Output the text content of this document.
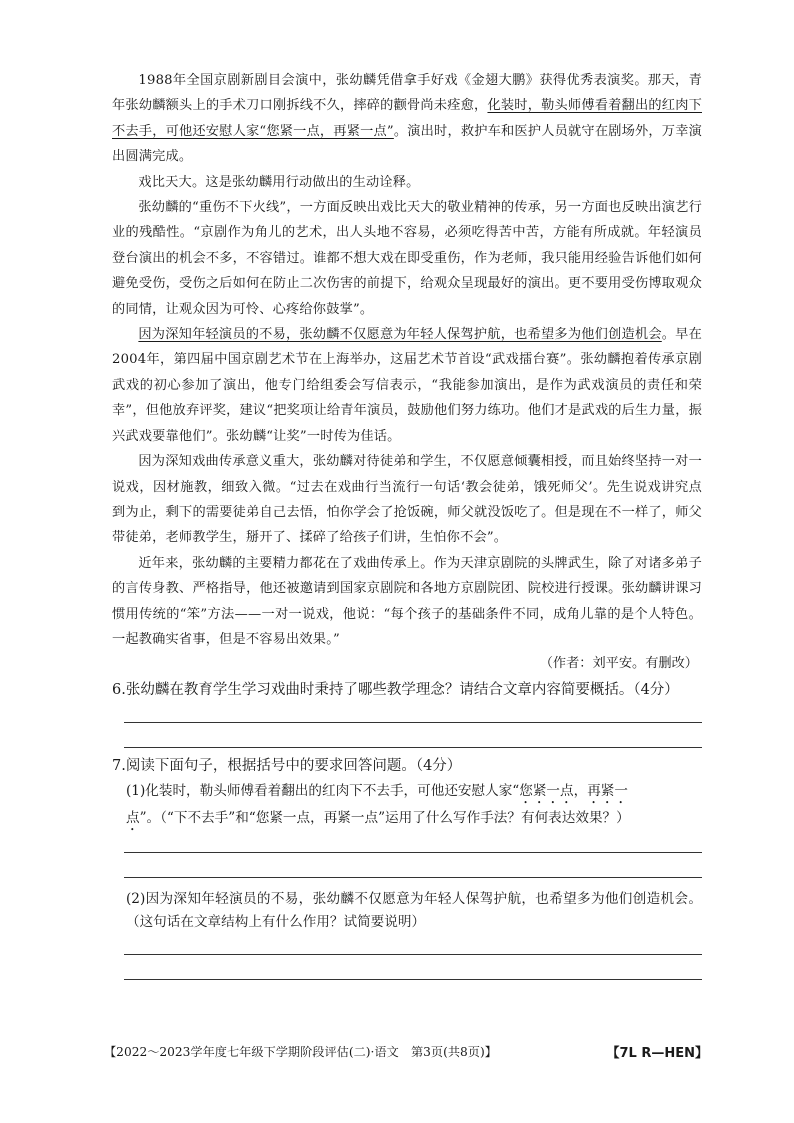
1988年全国京剧新剧目会演中，张幼麟凭借拿手好戏《金翅大鹏》获得优秀表演奖。那天，青年张幼麟额头上的手术刀口刚拆线不久，摔碎的颧骨尚未痊愈，化装时，勒头师傅看着翻出的红肉下不去手，可他还安慰人家“您紧一点，再紧一点”。演出时，救护车和医护人员就守在剧场外，万幸演出圆满完成。

戏比天大。这是张幼麟用行动做出的生动诠释。

张幼麟的“重伤不下火线”，一方面反映出戏比天大的敬业精神的传承，另一方面也反映出演艺行业的残酷性。“京剧作为角儿的艺术，出人头地不容易，必须吃得苦中苦，方能有所成就。年轻演员登台演出的机会不多，不容错过。谁都不想大戏在即受重伤，作为老师，我只能用经验告诉他们如何避免受伤，受伤之后如何在防止二次伤害的前提下，给观众呈现最好的演出。更不要用受伤博取观众的同情，让观众因为可怜、心疼给你鼓掌”。

因为深知年轻演员的不易，张幼麟不仅愿意为年轻人保驾护航，也希望多为他们创造机会。早在2004年，第四届中国京剧艺术节在上海举办，这届艺术节首设“武戏擂台赛”。张幼麟抱着传承京剧武戏的初心参加了演出，他专门给组委会写信表示，“我能参加演出，是作为武戏演员的责任和荣幸”，但他放弃评奖，建议“把奖项让给青年演员，鼓励他们努力练功。他们才是武戏的后生力量，振兴武戏要靠他们”。张幼麟“让奖”一时传为佳话。

因为深知戏曲传承意义重大，张幼麟对待徒弟和学生，不仅愿意倾囊相授，而且始终坚持一对一说戏，因材施教，细致入微。“过去在戏曲行当流行一句话‘教会徒弟，饿死师父’。先生说戏讲究点到为止，剩下的需要徒弟自己去悟，怕你学会了抢饭碗，师父就没饭吃了。但是现在不一样了，师父带徒弟，老师教学生，掰开了、揉碎了给孩子们讲，生怕你不会”。

近年来，张幼麟的主要精力都花在了戏曲传承上。作为天津京剧院的头牌武生，除了对诸多弟子的言传身教、严格指导，他还被邀请到国家京剧院和各地方京剧院团、院校进行授课。张幼麟讲课习惯用传统的“笨”方法——一对一说戏，他说：“每个孩子的基础条件不同，成角儿靠的是个人特色。一起教确实省事，但是不容易出效果。”

（作者：刘平安。有删改）

6.张幼麟在教育学生学习戏曲时秉持了哪些教学理念？请结合文章内容简要概括。（4分）

7.阅读下面句子，根据括号中的要求回答问题。（4分）

(1)化装时，勒头师傅看着翻出的红肉下不去手，可他还安慰人家“您紧一点，再紧一
点”。（“下不去手”和“您紧一点，再紧一点”运用了什么写作手法？有何表达效果？）

(2)因为深知年轻演员的不易，张幼麟不仅愿意为年轻人保驾护航，也希望多为他们创造机会。（这句话在文章结构上有什么作用？试简要说明）

【2022～2023学年度七年级下学期阶段评估(二)·语文　第3页(共8页)】	【7L R—HEN】
